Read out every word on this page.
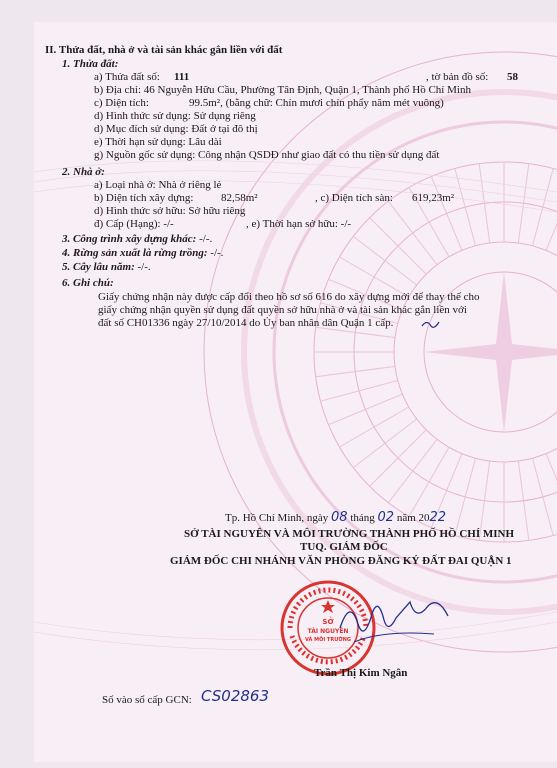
II. Thửa đất, nhà ở và tài sản khác gắn liền với đất
1. Thửa đất:
a) Thửa đất số: 111	, tờ bản đồ số: 58
b) Địa chỉ: 46 Nguyễn Hữu Cầu, Phường Tân Định, Quận 1, Thành phố Hồ Chí Minh
c) Diện tích:	99.5m², (bằng chữ: Chín mươi chín phẩy năm mét vuông)
d) Hình thức sử dụng: Sử dụng riêng
d) Mục đích sử dụng: Đất ở tại đô thị
e) Thời hạn sử dụng: Lâu dài
g) Nguồn gốc sử dụng: Công nhận QSDĐ như giao đất có thu tiền sử dụng đất
2. Nhà ở:
a) Loại nhà ở: Nhà ở riêng lẻ
b) Diện tích xây dựng:	82,58m²	, c) Diện tích sàn: 619,23m²
d) Hình thức sở hữu: Sở hữu riêng
đ) Cấp (Hạng): -/-	, e) Thời hạn sở hữu: -/-
3. Công trình xây dựng khác: -/-.
4. Rừng sản xuất là rừng trồng: -/-.
5. Cây lâu năm: -/-.
6. Ghi chú:
Giấy chứng nhận này được cấp đổi theo hồ sơ số 616 do xây dựng mới để thay thế cho
giấy chứng nhận quyền sử dụng đất quyền sở hữu nhà ở và tài sản khác gắn liền với
đất số CH01336 ngày 27/10/2014 do Ủy ban nhân dân Quận 1 cấp.
Tp. Hồ Chí Minh, ngày 08 tháng 02 năm 2022
SỞ TÀI NGUYÊN VÀ MÔI TRƯỜNG THÀNH PHỐ HỒ CHÍ MINH
TUQ. GIÁM ĐỐC
GIÁM ĐỐC CHI NHÁNH VĂN PHÒNG ĐĂNG KÝ ĐẤT ĐAI QUẬN 1
SỞ
TÀI NGUYÊN
VÀ MÔI TRƯỜNG
Trần Thị Kim Ngân
Số vào sổ cấp GCN: CS02863
